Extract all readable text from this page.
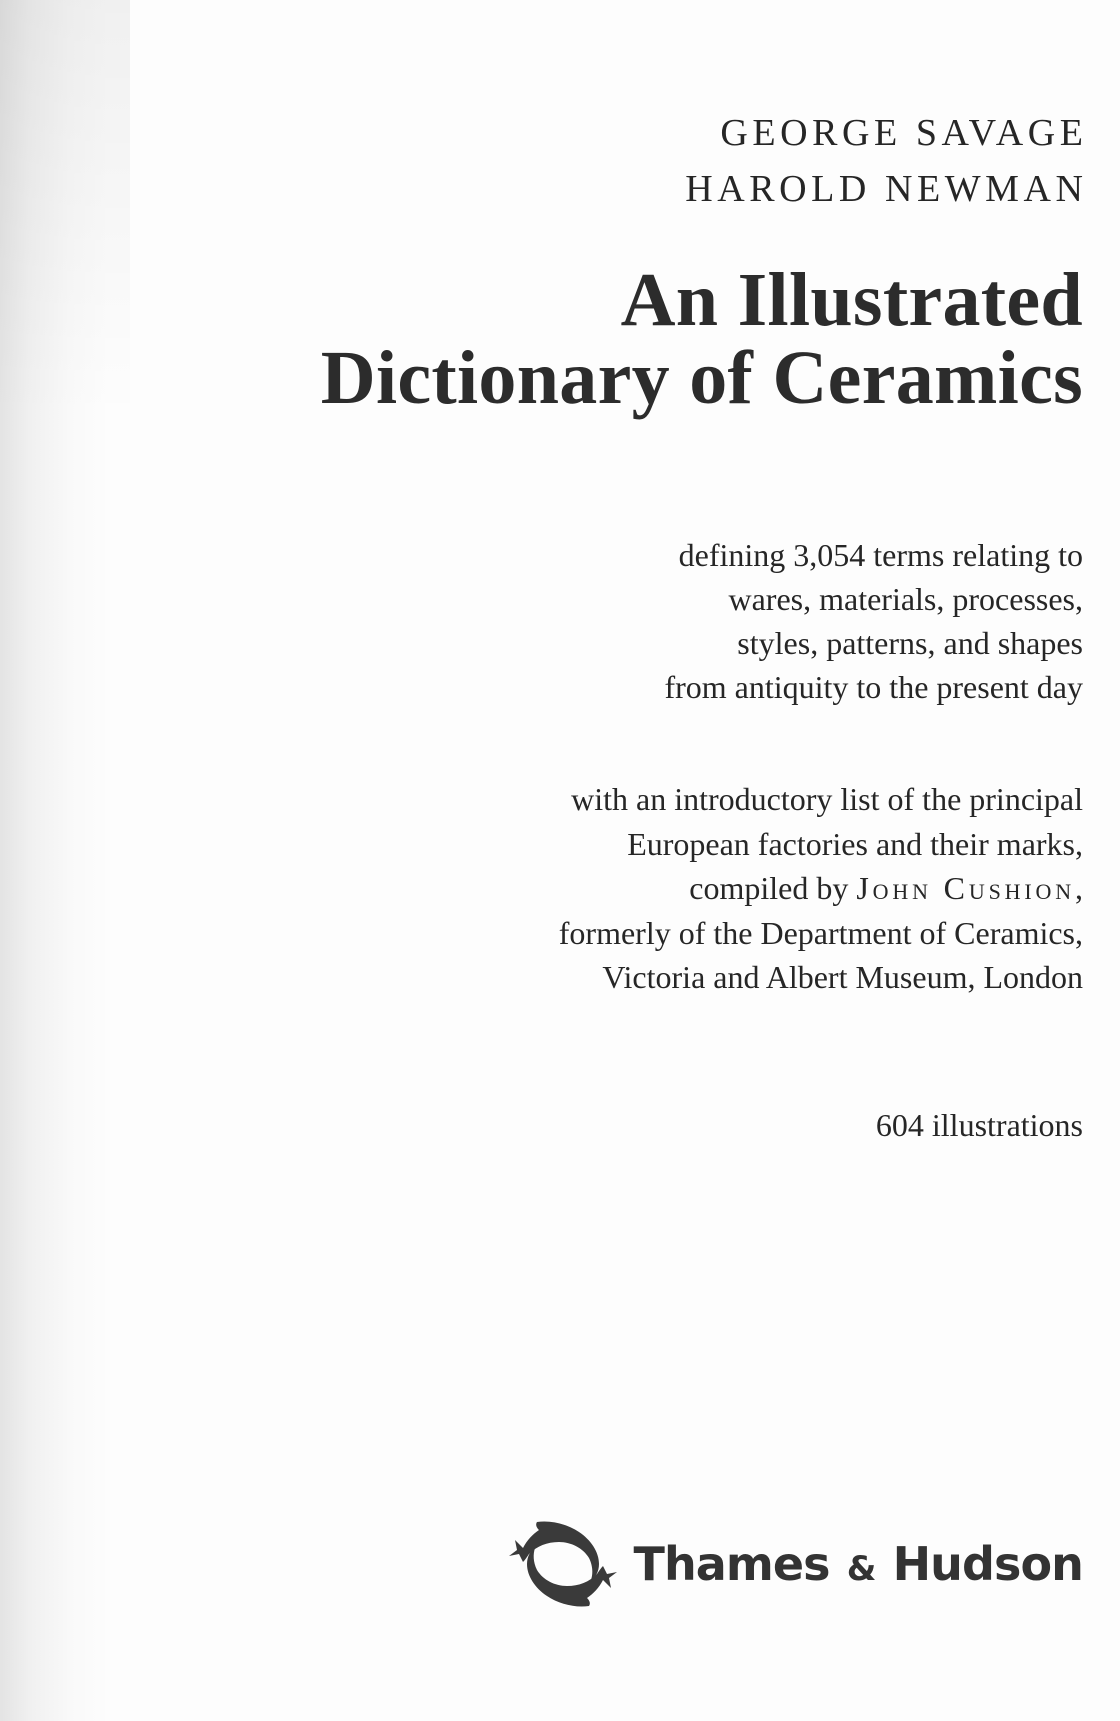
GEORGE SAVAGE
HAROLD NEWMAN
An Illustrated
Dictionary of Ceramics
defining 3,054 terms relating to
wares, materials, processes,
styles, patterns, and shapes
from antiquity to the present day
with an introductory list of the principal
European factories and their marks,
compiled by John Cushion,
formerly of the Department of Ceramics,
Victoria and Albert Museum, London
604 illustrations
Thames & Hudson
